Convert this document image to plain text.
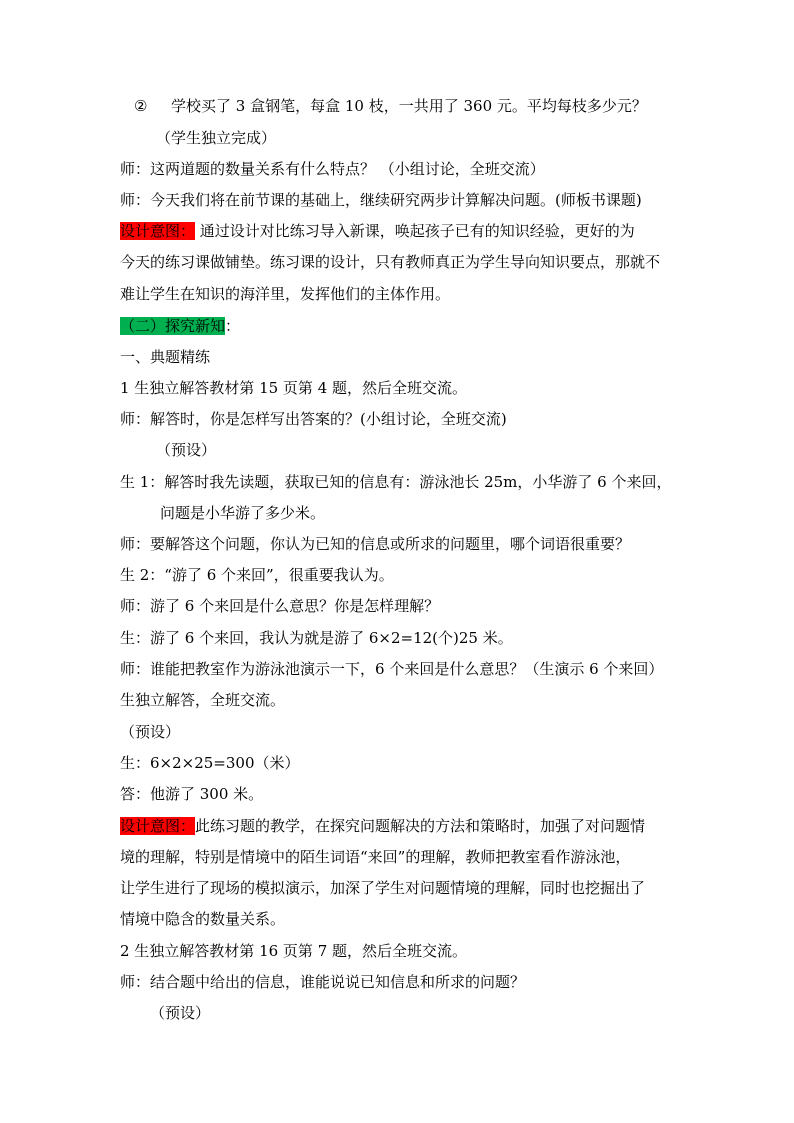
② 学校买了 3 盒钢笔，每盒 10 枝，一共用了 360 元。平均每枝多少元？
（学生独立完成）
师：这两道题的数量关系有什么特点？ （小组讨论，全班交流）
师：今天我们将在前节课的基础上，继续研究两步计算解决问题。(师板书课题)
设计意图： 通过设计对比练习导入新课，唤起孩子已有的知识经验，更好的为
今天的练习课做铺垫。练习课的设计，只有教师真正为学生导向知识要点，那就不
难让学生在知识的海洋里，发挥他们的主体作用。
（二）探究新知：
一、典题精练
1 生独立解答教材第 15 页第 4 题，然后全班交流。
师：解答时，你是怎样写出答案的？(小组讨论，全班交流)
（预设）
生 1：解答时我先读题，获取已知的信息有：游泳池长 25m，小华游了 6 个来回，
问题是小华游了多少米。
师：要解答这个问题，你认为已知的信息或所求的问题里，哪个词语很重要？
生 2：“游了 6 个来回”，很重要我认为。
师：游了 6 个来回是什么意思？你是怎样理解？
生：游了 6 个来回，我认为就是游了 6×2=12(个)25 米。
师：谁能把教室作为游泳池演示一下，6 个来回是什么意思？（生演示 6 个来回）
生独立解答，全班交流。
（预设）
生：6×2×25=300（米）
答：他游了 300 米。
设计意图：此练习题的教学，在探究问题解决的方法和策略时，加强了对问题情
境的理解，特别是情境中的陌生词语“来回”的理解，教师把教室看作游泳池，
让学生进行了现场的模拟演示，加深了学生对问题情境的理解，同时也挖掘出了
情境中隐含的数量关系。
2 生独立解答教材第 16 页第 7 题，然后全班交流。
师：结合题中给出的信息，谁能说说已知信息和所求的问题？
（预设）
